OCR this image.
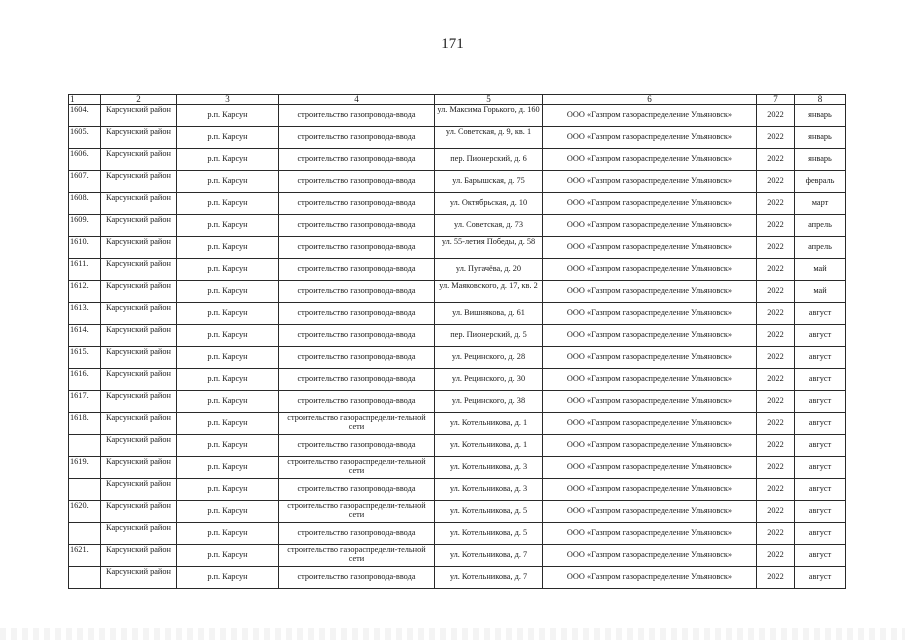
171
1	2	3	4	5	6	7	8
1604.	Карсунский район	р.п. Карсун	строительство газопровода-ввода	ул. Максима Горького, д. 160	ООО «Газпром газораспределение Ульяновск»	2022	январь

1605.	Карсунский район	р.п. Карсун	строительство газопровода-ввода	ул. Советская, д. 9, кв. 1	ООО «Газпром газораспределение Ульяновск»	2022	январь

1606.	Карсунский район	р.п. Карсун	строительство газопровода-ввода	пер. Пионерский, д. 6	ООО «Газпром газораспределение Ульяновск»	2022	январь

1607.	Карсунский район	р.п. Карсун	строительство газопровода-ввода	ул. Барышская, д. 75	ООО «Газпром газораспределение Ульяновск»	2022	февраль

1608.	Карсунский район	р.п. Карсун	строительство газопровода-ввода	ул. Октябрьская, д. 10	ООО «Газпром газораспределение Ульяновск»	2022	март

1609.	Карсунский район	р.п. Карсун	строительство газопровода-ввода	ул. Советская, д. 73	ООО «Газпром газораспределение Ульяновск»	2022	апрель

1610.	Карсунский район	р.п. Карсун	строительство газопровода-ввода	ул. 55-летия Победы, д. 58	ООО «Газпром газораспределение Ульяновск»	2022	апрель

1611.	Карсунский район	р.п. Карсун	строительство газопровода-ввода	ул. Пугачёва, д. 20	ООО «Газпром газораспределение Ульяновск»	2022	май

1612.	Карсунский район	р.п. Карсун	строительство газопровода-ввода	ул. Маяковского, д. 17, кв. 2	ООО «Газпром газораспределение Ульяновск»	2022	май

1613.	Карсунский район	р.п. Карсун	строительство газопровода-ввода	ул. Вишнякова, д. 61	ООО «Газпром газораспределение Ульяновск»	2022	август

1614.	Карсунский район	р.п. Карсун	строительство газопровода-ввода	пер. Пионерский, д. 5	ООО «Газпром газораспределение Ульяновск»	2022	август

1615.	Карсунский район	р.п. Карсун	строительство газопровода-ввода	ул. Рецинского, д. 28	ООО «Газпром газораспределение Ульяновск»	2022	август

1616.	Карсунский район	р.п. Карсун	строительство газопровода-ввода	ул. Рецинского, д. 30	ООО «Газпром газораспределение Ульяновск»	2022	август

1617.	Карсунский район	р.п. Карсун	строительство газопровода-ввода	ул. Рецинского, д. 38	ООО «Газпром газораспределение Ульяновск»	2022	август

1618.	Карсунский район	р.п. Карсун	строительство газораспредели-тельной сети	ул. Котельникова, д. 1	ООО «Газпром газораспределение Ульяновск»	2022	август

	Карсунский район	р.п. Карсун	строительство газопровода-ввода	ул. Котельникова, д. 1	ООО «Газпром газораспределение Ульяновск»	2022	август

1619.	Карсунский район	р.п. Карсун	строительство газораспредели-тельной сети	ул. Котельникова, д. 3	ООО «Газпром газораспределение Ульяновск»	2022	август

	Карсунский район	р.п. Карсун	строительство газопровода-ввода	ул. Котельникова, д. 3	ООО «Газпром газораспределение Ульяновск»	2022	август

1620.	Карсунский район	р.п. Карсун	строительство газораспредели-тельной сети	ул. Котельникова, д. 5	ООО «Газпром газораспределение Ульяновск»	2022	август

	Карсунский район	р.п. Карсун	строительство газопровода-ввода	ул. Котельникова, д. 5	ООО «Газпром газораспределение Ульяновск»	2022	август

1621.	Карсунский район	р.п. Карсун	строительство газораспредели-тельной сети	ул. Котельникова, д. 7	ООО «Газпром газораспределение Ульяновск»	2022	август

	Карсунский район	р.п. Карсун	строительство газопровода-ввода	ул. Котельникова, д. 7	ООО «Газпром газораспределение Ульяновск»	2022	август
